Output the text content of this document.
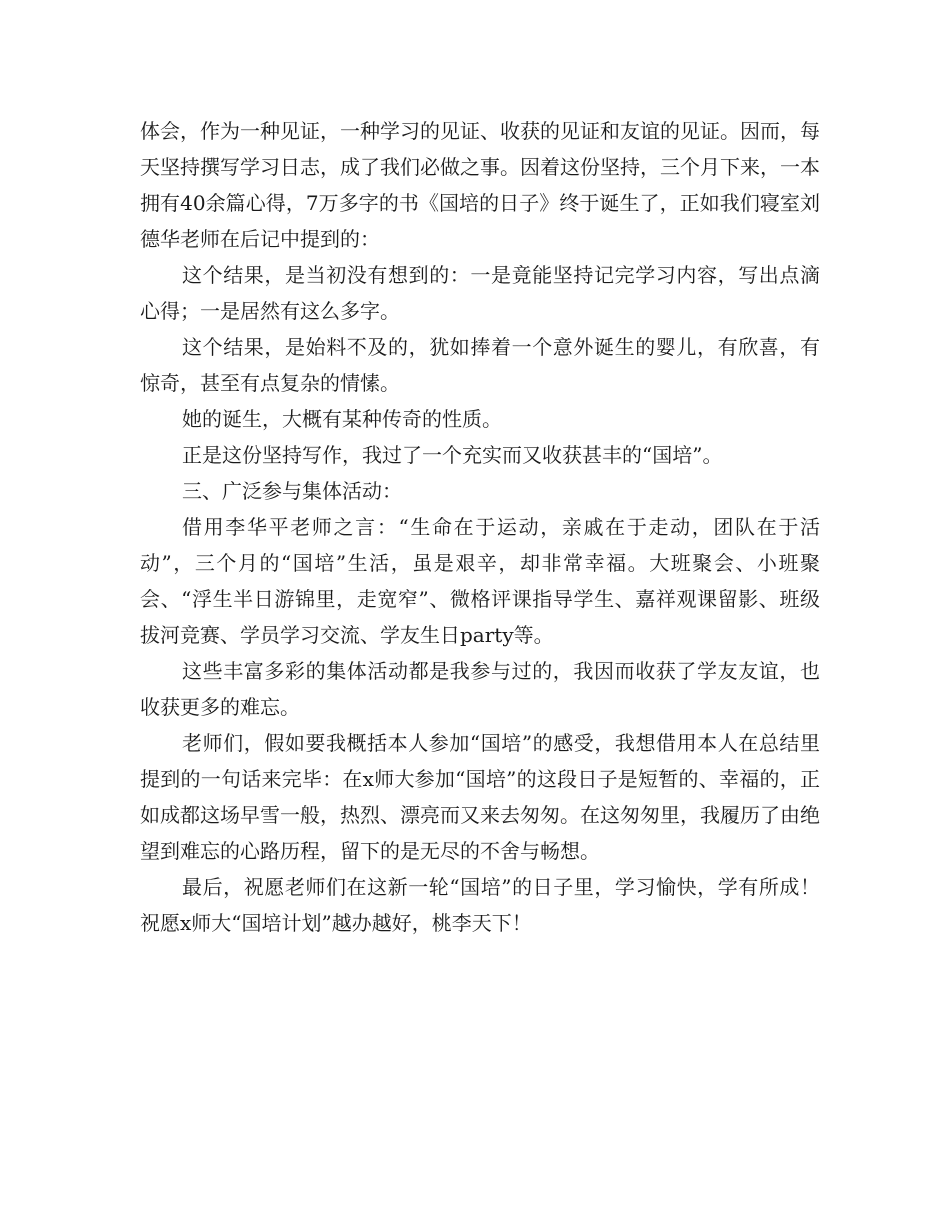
体会，作为一种见证，一种学习的见证、收获的见证和友谊的见证。因而，每天坚持撰写学习日志，成了我们必做之事。因着这份坚持，三个月下来，一本拥有40余篇心得，7万多字的书《国培的日子》终于诞生了，正如我们寝室刘德华老师在后记中提到的：

这个结果，是当初没有想到的：一是竟能坚持记完学习内容，写出点滴心得；一是居然有这么多字。

这个结果，是始料不及的，犹如捧着一个意外诞生的婴儿，有欣喜，有惊奇，甚至有点复杂的情愫。

她的诞生，大概有某种传奇的性质。

正是这份坚持写作，我过了一个充实而又收获甚丰的“国培”。

三、广泛参与集体活动：

借用李华平老师之言：“生命在于运动，亲戚在于走动，团队在于活动”，三个月的“国培”生活，虽是艰辛，却非常幸福。大班聚会、小班聚会、“浮生半日游锦里，走宽窄”、微格评课指导学生、嘉祥观课留影、班级拔河竞赛、学员学习交流、学友生日party等。

这些丰富多彩的集体活动都是我参与过的，我因而收获了学友友谊，也收获更多的难忘。

老师们，假如要我概括本人参加“国培”的感受，我想借用本人在总结里提到的一句话来完毕：在x师大参加“国培”的这段日子是短暂的、幸福的，正如成都这场早雪一般，热烈、漂亮而又来去匆匆。在这匆匆里，我履历了由绝望到难忘的心路历程，留下的是无尽的不舍与畅想。

最后，祝愿老师们在这新一轮“国培”的日子里，学习愉快，学有所成！祝愿x师大“国培计划”越办越好，桃李天下！
